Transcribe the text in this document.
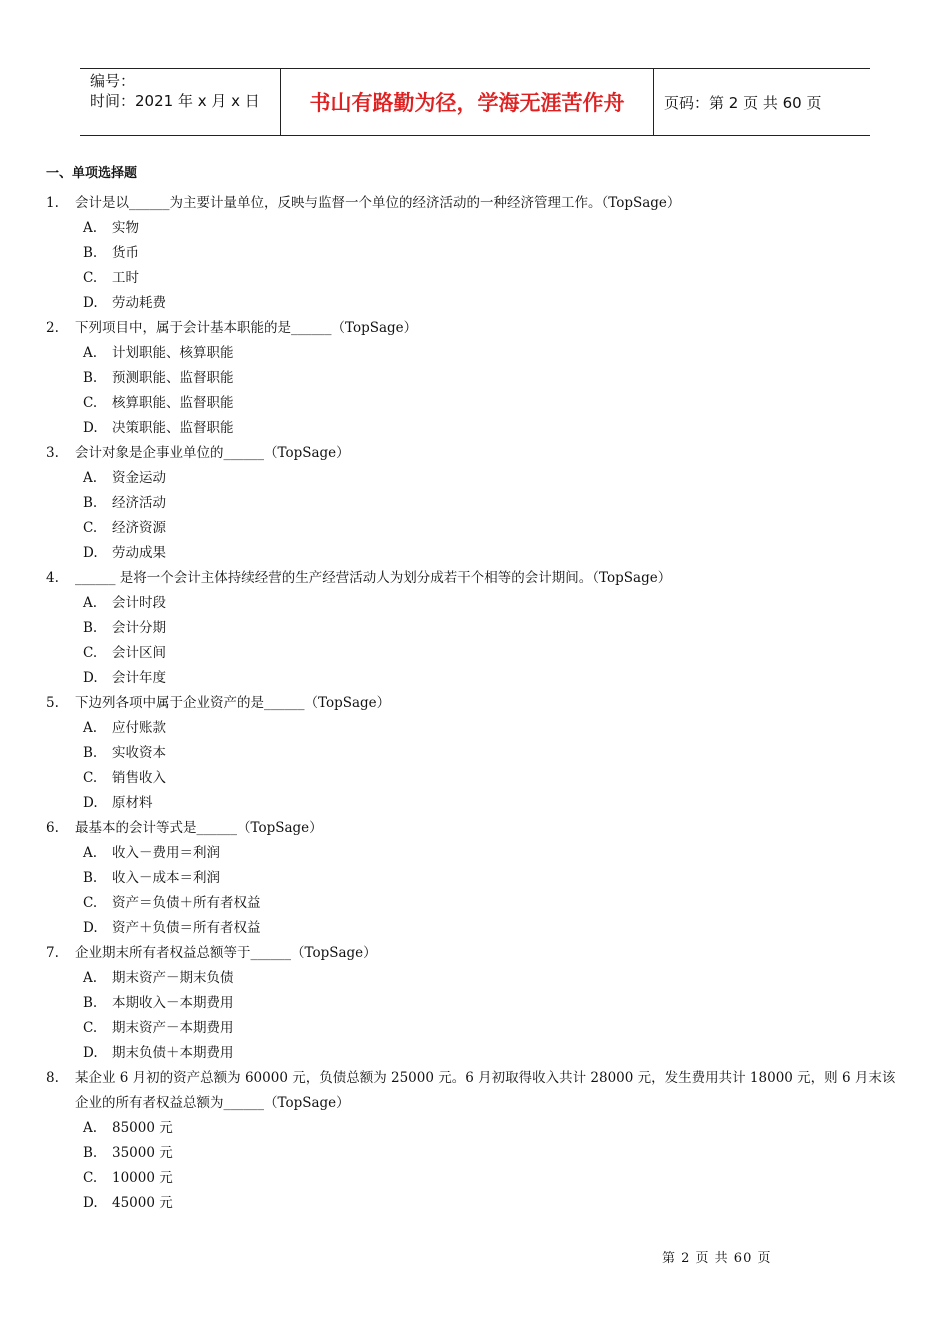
编号：
时间：2021 年 x 月 x 日	书山有路勤为径，学海无涯苦作舟	页码：第 2 页 共 60 页
一、单项选择题
1.	会计是以______为主要计量单位，反映与监督一个单位的经济活动的一种经济管理工作。（TopSage）
A.	实物
B.	货币
C.	工时
D.	劳动耗费
2.	下列项目中，属于会计基本职能的是______（TopSage）
A.	计划职能、核算职能
B.	预测职能、监督职能
C.	核算职能、监督职能
D.	决策职能、监督职能
3.	会计对象是企事业单位的______（TopSage）
A.	资金运动
B.	经济活动
C.	经济资源
D.	劳动成果
4.	______ 是将一个会计主体持续经营的生产经营活动人为划分成若干个相等的会计期间。（TopSage）
A.	会计时段
B.	会计分期
C.	会计区间
D.	会计年度
5.	下边列各项中属于企业资产的是______（TopSage）
A.	应付账款
B.	实收资本
C.	销售收入
D.	原材料
6.	最基本的会计等式是______（TopSage）
A.	收入－费用＝利润
B.	收入－成本＝利润
C.	资产＝负债＋所有者权益
D.	资产＋负债＝所有者权益
7.	企业期末所有者权益总额等于______（TopSage）
A.	期末资产－期末负债
B.	本期收入－本期费用
C.	期末资产－本期费用
D.	期末负债＋本期费用
8.	某企业 6 月初的资产总额为 60000 元，负债总额为 25000 元。6 月初取得收入共计 28000 元，发生费用共计 18000 元，则 6 月末该企业的所有者权益总额为______（TopSage）
A.	85000 元
B.	35000 元
C.	10000 元
D.	45000 元
第 2 页 共 60 页
